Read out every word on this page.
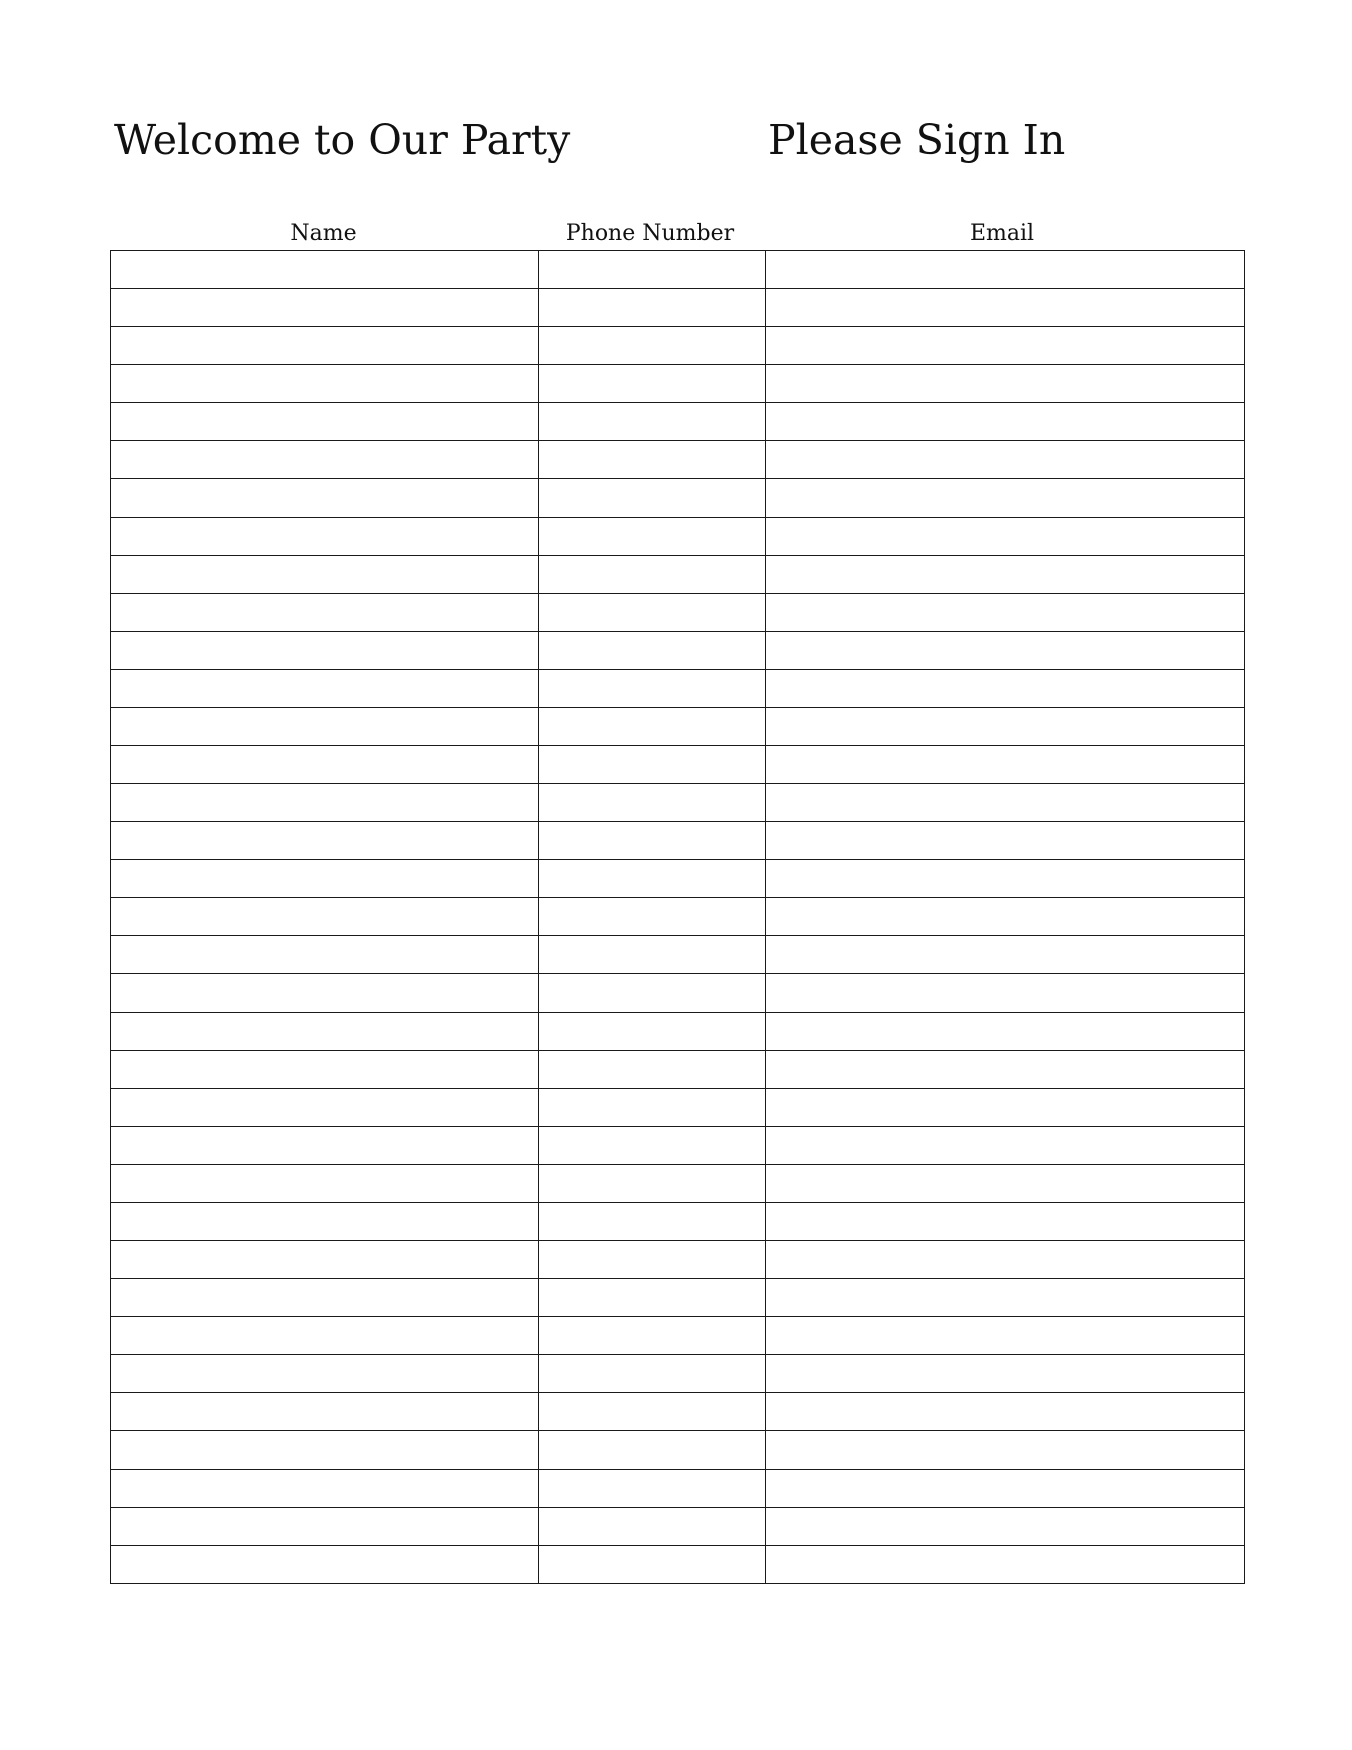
Welcome to Our Party	Please Sign In
Name	Phone Number	Email
